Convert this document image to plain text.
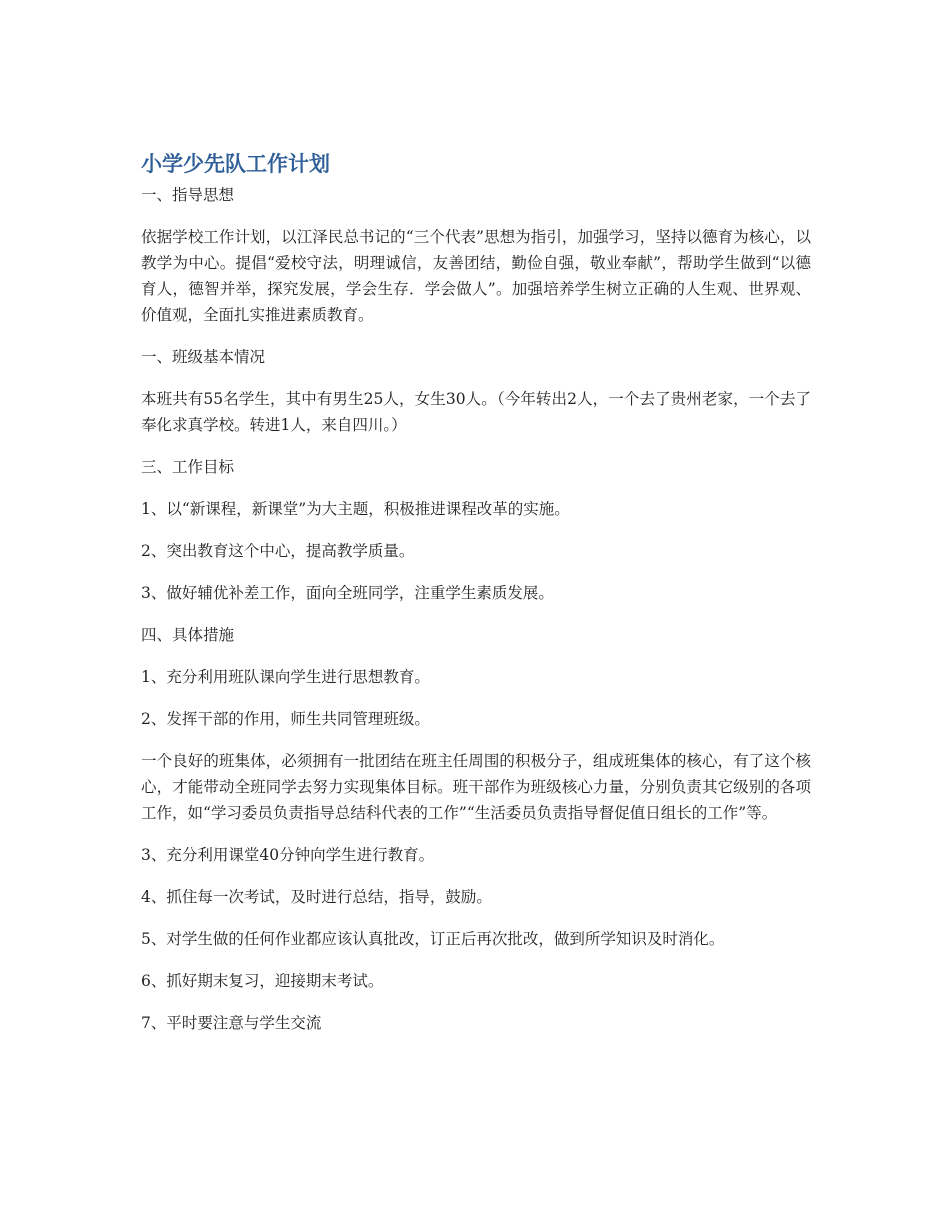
小学少先队工作计划
一、指导思想
依据学校工作计划，以江泽民总书记的“三个代表”思想为指引，加强学习，坚持以德育为核心，以教学为中心。提倡“爱校守法，明理诚信，友善团结，勤俭自强，敬业奉献”，帮助学生做到“以德育人，德智并举，探究发展，学会生存．学会做人”。加强培养学生树立正确的人生观、世界观、价值观，全面扎实推进素质教育。
一、班级基本情况
本班共有55名学生，其中有男生25人，女生30人。（今年转出2人，一个去了贵州老家，一个去了奉化求真学校。转进1人，来自四川。）
三、工作目标
1、以“新课程，新课堂”为大主题，积极推进课程改革的实施。
2、突出教育这个中心，提高教学质量。
3、做好辅优补差工作，面向全班同学，注重学生素质发展。
四、具体措施
1、充分利用班队课向学生进行思想教育。
2、发挥干部的作用，师生共同管理班级。
一个良好的班集体，必须拥有一批团结在班主任周围的积极分子，组成班集体的核心，有了这个核心，才能带动全班同学去努力实现集体目标。班干部作为班级核心力量，分别负责其它级别的各项工作，如“学习委员负责指导总结科代表的工作”“生活委员负责指导督促值日组长的工作”等。
3、充分利用课堂40分钟向学生进行教育。
4、抓住每一次考试，及时进行总结，指导，鼓励。
5、对学生做的任何作业都应该认真批改，订正后再次批改，做到所学知识及时消化。
6、抓好期末复习，迎接期末考试。
7、平时要注意与学生交流
